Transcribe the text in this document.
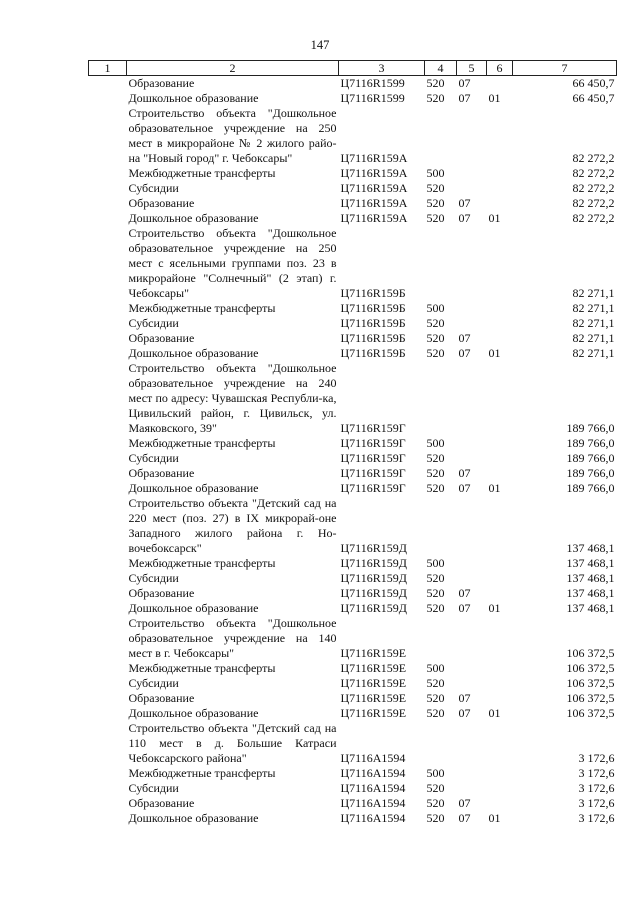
147
1	2	3	4	5	6	7
	Образование	Ц7116R1599	520	07		66 450,7
	Дошкольное образование	Ц7116R1599	520	07	01	66 450,7
	Строительство объекта "Дошкольное образовательное учреждение на 250 мест в микрорайоне № 2 жилого райо-на "Новый город" г. Чебоксары"	Ц7116R159А				82 272,2
	Межбюджетные трансферты	Ц7116R159А	500			82 272,2
	Субсидии	Ц7116R159А	520			82 272,2
	Образование	Ц7116R159А	520	07		82 272,2
	Дошкольное образование	Ц7116R159А	520	07	01	82 272,2
	Строительство объекта "Дошкольное образовательное учреждение на 250 мест с ясельными группами поз. 23 в микрорайоне "Солнечный" (2 этап) г. Чебоксары"	Ц7116R159Б				82 271,1
	Межбюджетные трансферты	Ц7116R159Б	500			82 271,1
	Субсидии	Ц7116R159Б	520			82 271,1
	Образование	Ц7116R159Б	520	07		82 271,1
	Дошкольное образование	Ц7116R159Б	520	07	01	82 271,1
	Строительство объекта "Дошкольное образовательное учреждение на 240 мест по адресу: Чувашская Республи-ка, Цивильский район, г. Цивильск, ул. Маяковского, 39"	Ц7116R159Г				189 766,0
	Межбюджетные трансферты	Ц7116R159Г	500			189 766,0
	Субсидии	Ц7116R159Г	520			189 766,0
	Образование	Ц7116R159Г	520	07		189 766,0
	Дошкольное образование	Ц7116R159Г	520	07	01	189 766,0
	Строительство объекта "Детский сад на 220 мест (поз. 27) в IX микрорай-оне Западного жилого района г. Но-вочебоксарск"	Ц7116R159Д				137 468,1
	Межбюджетные трансферты	Ц7116R159Д	500			137 468,1
	Субсидии	Ц7116R159Д	520			137 468,1
	Образование	Ц7116R159Д	520	07		137 468,1
	Дошкольное образование	Ц7116R159Д	520	07	01	137 468,1
	Строительство объекта "Дошкольное образовательное учреждение на 140 мест в г. Чебоксары"	Ц7116R159Е				106 372,5
	Межбюджетные трансферты	Ц7116R159Е	500			106 372,5
	Субсидии	Ц7116R159Е	520			106 372,5
	Образование	Ц7116R159Е	520	07		106 372,5
	Дошкольное образование	Ц7116R159Е	520	07	01	106 372,5
	Строительство объекта "Детский сад на 110 мест в д. Большие Катраси Чебоксарского района"	Ц7116А1594				3 172,6
	Межбюджетные трансферты	Ц7116А1594	500			3 172,6
	Субсидии	Ц7116А1594	520			3 172,6
	Образование	Ц7116А1594	520	07		3 172,6
	Дошкольное образование	Ц7116А1594	520	07	01	3 172,6
